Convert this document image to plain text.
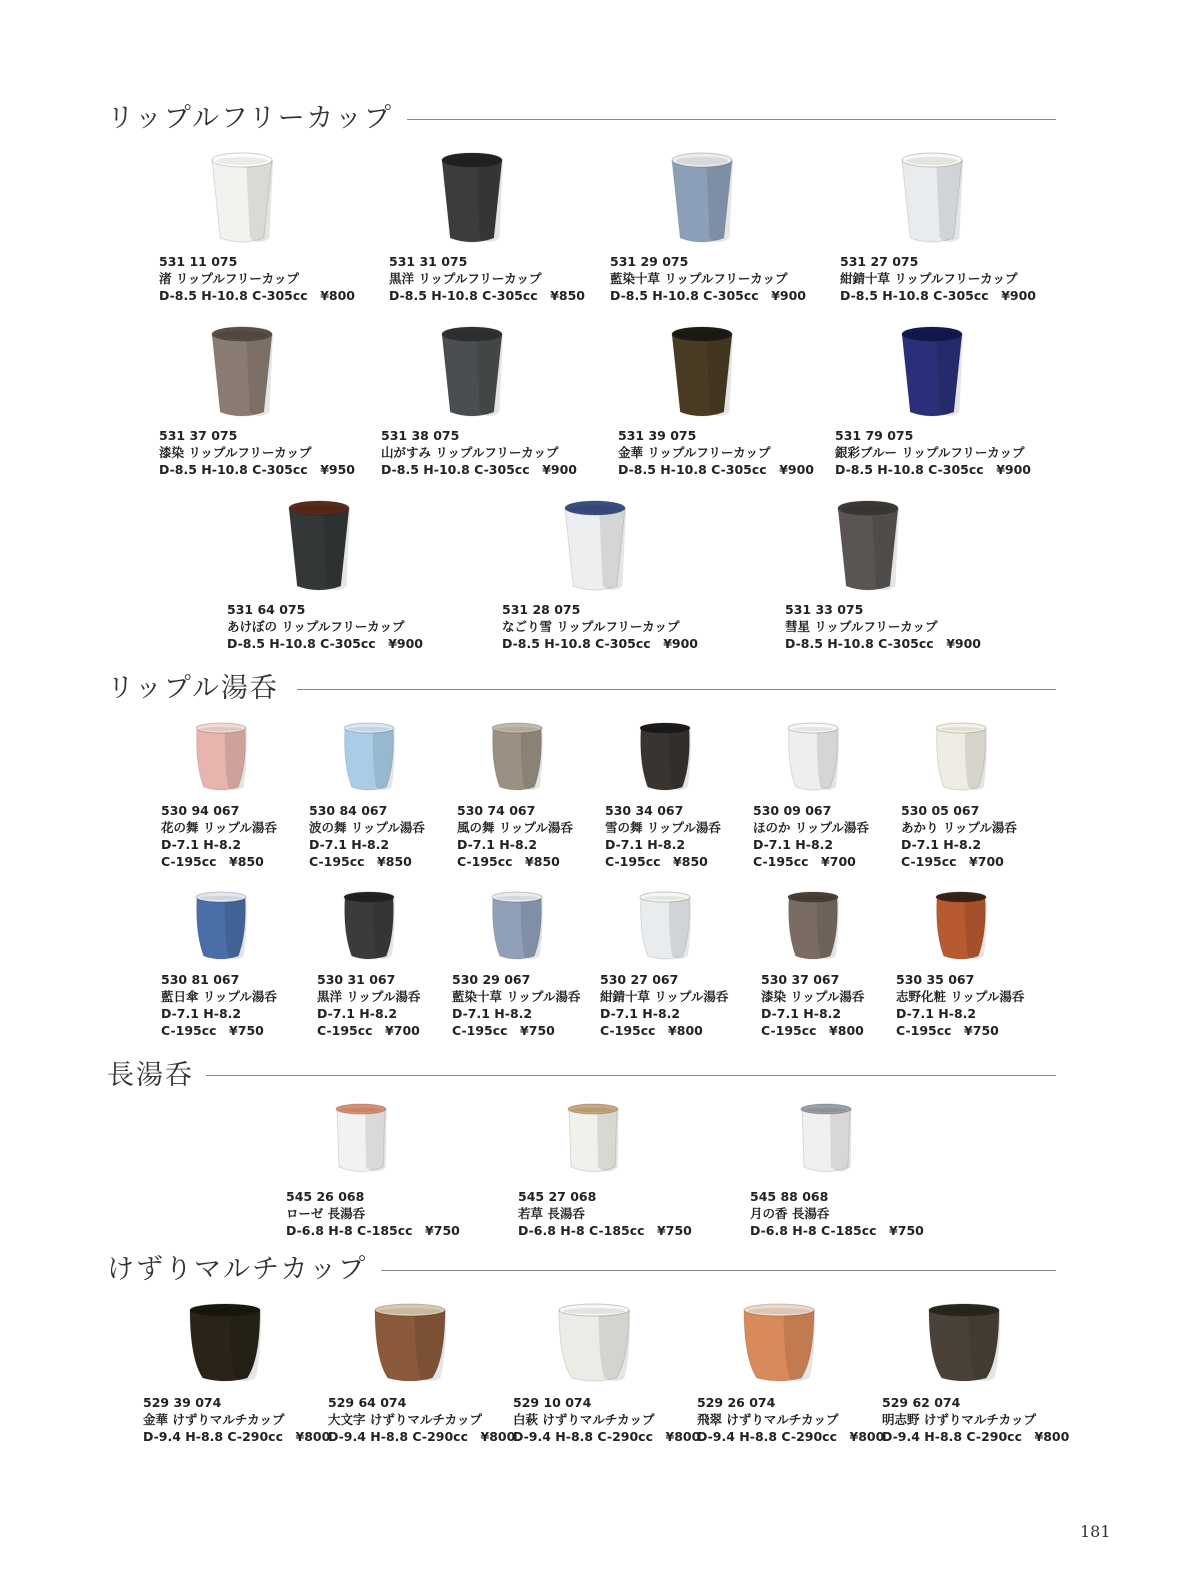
リップルフリーカップ
リップル湯呑
長湯呑
けずりマルチカップ
531 11 075
渚 リップルフリーカップ
D-8.5 H-10.8 C-305cc　¥800
531 31 075
黒洋 リップルフリーカップ
D-8.5 H-10.8 C-305cc　¥850
531 29 075
藍染十草 リップルフリーカップ
D-8.5 H-10.8 C-305cc　¥900
531 27 075
紺錆十草 リップルフリーカップ
D-8.5 H-10.8 C-305cc　¥900
531 37 075
漆染 リップルフリーカップ
D-8.5 H-10.8 C-305cc　¥950
531 38 075
山がすみ リップルフリーカップ
D-8.5 H-10.8 C-305cc　¥900
531 39 075
金華 リップルフリーカップ
D-8.5 H-10.8 C-305cc　¥900
531 79 075
銀彩ブルー リップルフリーカップ
D-8.5 H-10.8 C-305cc　¥900
531 64 075
あけぼの リップルフリーカップ
D-8.5 H-10.8 C-305cc　¥900
531 28 075
なごり雪 リップルフリーカップ
D-8.5 H-10.8 C-305cc　¥900
531 33 075
彗星 リップルフリーカップ
D-8.5 H-10.8 C-305cc　¥900
530 94 067
花の舞 リップル湯呑
D-7.1 H-8.2
C-195cc　¥850
530 84 067
波の舞 リップル湯呑
D-7.1 H-8.2
C-195cc　¥850
530 74 067
風の舞 リップル湯呑
D-7.1 H-8.2
C-195cc　¥850
530 34 067
雪の舞 リップル湯呑
D-7.1 H-8.2
C-195cc　¥850
530 09 067
ほのか リップル湯呑
D-7.1 H-8.2
C-195cc　¥700
530 05 067
あかり リップル湯呑
D-7.1 H-8.2
C-195cc　¥700
530 81 067
藍日傘 リップル湯呑
D-7.1 H-8.2
C-195cc　¥750
530 31 067
黒洋 リップル湯呑
D-7.1 H-8.2
C-195cc　¥700
530 29 067
藍染十草 リップル湯呑
D-7.1 H-8.2
C-195cc　¥750
530 27 067
紺錆十草 リップル湯呑
D-7.1 H-8.2
C-195cc　¥800
530 37 067
漆染 リップル湯呑
D-7.1 H-8.2
C-195cc　¥800
530 35 067
志野化粧 リップル湯呑
D-7.1 H-8.2
C-195cc　¥750
545 26 068
ローゼ 長湯呑
D-6.8 H-8 C-185cc　¥750
545 27 068
若草 長湯呑
D-6.8 H-8 C-185cc　¥750
545 88 068
月の香 長湯呑
D-6.8 H-8 C-185cc　¥750
529 39 074
金華 けずりマルチカップ
D-9.4 H-8.8 C-290cc　¥800
529 64 074
大文字 けずりマルチカップ
D-9.4 H-8.8 C-290cc　¥800
529 10 074
白萩 けずりマルチカップ
D-9.4 H-8.8 C-290cc　¥800
529 26 074
飛翠 けずりマルチカップ
D-9.4 H-8.8 C-290cc　¥800
529 62 074
明志野 けずりマルチカップ
D-9.4 H-8.8 C-290cc　¥800
181
